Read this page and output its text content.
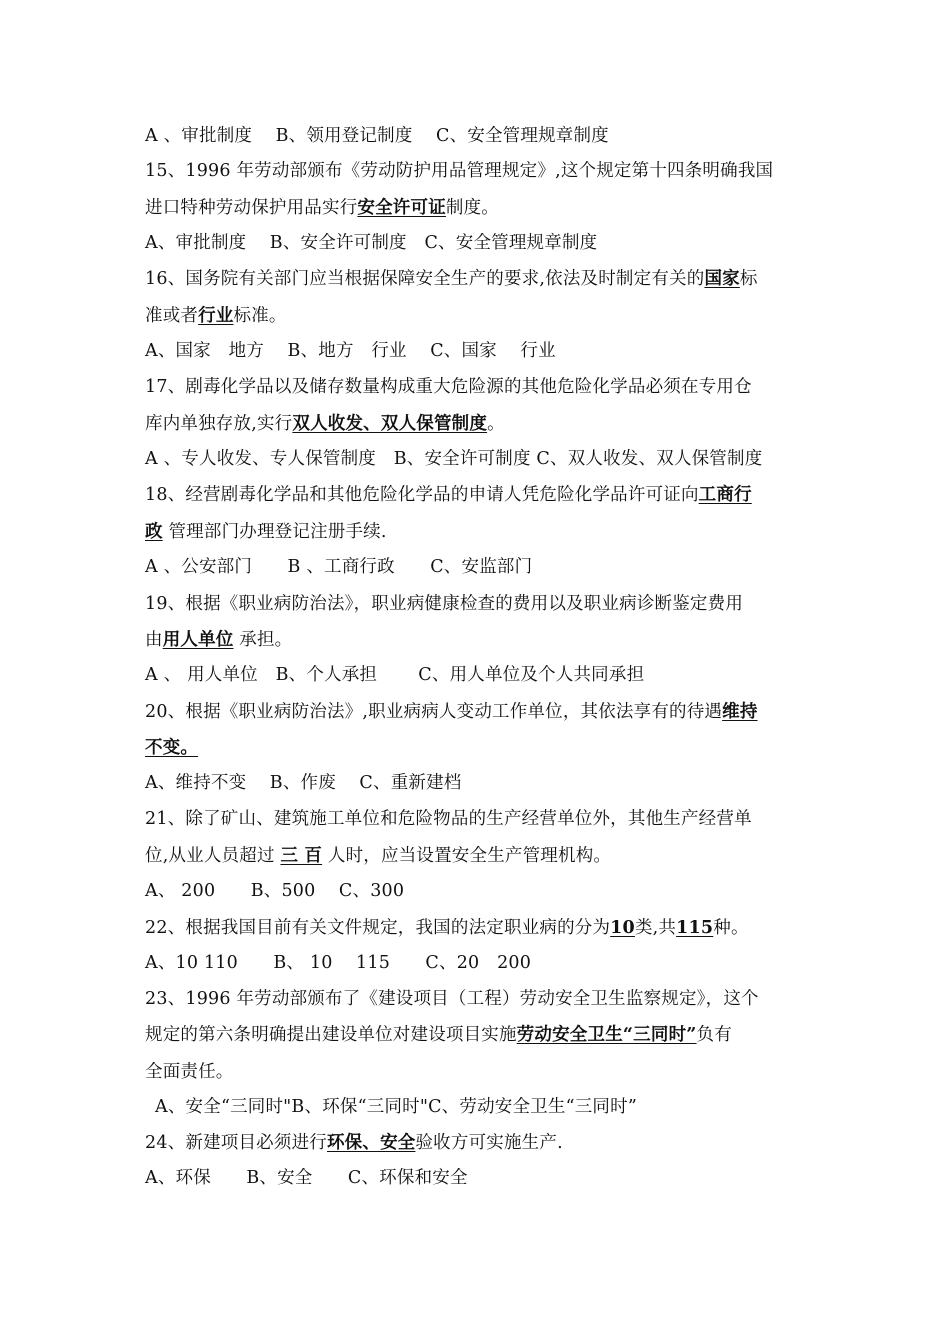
A 、审批制度　 B、领用登记制度　 C、安全管理规章制度
15、1996 年劳动部颁布《劳动防护用品管理规定》,这个规定第十四条明确我国
进口特种劳动保护用品实行安全许可证制度。
A、审批制度　 B、安全许可制度　C、安全管理规章制度
16、国务院有关部门应当根据保障安全生产的要求,依法及时制定有关的国家标
准或者行业标准。
A、国家　地方　 B、地方　行业　 C、国家　 行业
17、剧毒化学品以及储存数量构成重大危险源的其他危险化学品必须在专用仓
库内单独存放,实行双人收发、双人保管制度。
A 、专人收发、专人保管制度　B、安全许可制度 C、双人收发、双人保管制度
18、经营剧毒化学品和其他危险化学品的申请人凭危险化学品许可证向工商行
政 管理部门办理登记注册手续.
A 、公安部门　　B 、工商行政　　C、安监部门
19、根据《职业病防治法》，职业病健康检查的费用以及职业病诊断鉴定费用
由用人单位 承担。
A 、 用人单位　B、个人承担　　 C、用人单位及个人共同承担
20、根据《职业病防治法》,职业病病人变动工作单位，其依法享有的待遇维持
不变。
A、维持不变　 B、作废　 C、重新建档
21、除了矿山、建筑施工单位和危险物品的生产经营单位外，其他生产经营单
位,从业人员超过 三 百 人时，应当设置安全生产管理机构。
A、 200　　B、500　 C、300
22、根据我国目前有关文件规定，我国的法定职业病的分为10类,共115种。
A、10 110　　B、 10　 115　　C、20　200
23、1996 年劳动部颁布了《建设项目（工程）劳动安全卫生监察规定》，这个
规定的第六条明确提出建设单位对建设项目实施劳动安全卫生“三同时”负有
全面责任。
A、安全“三同时"B、环保“三同时"C、劳动安全卫生“三同时”
24、新建项目必须进行环保、安全验收方可实施生产.
A、环保　　B、安全　　C、环保和安全
